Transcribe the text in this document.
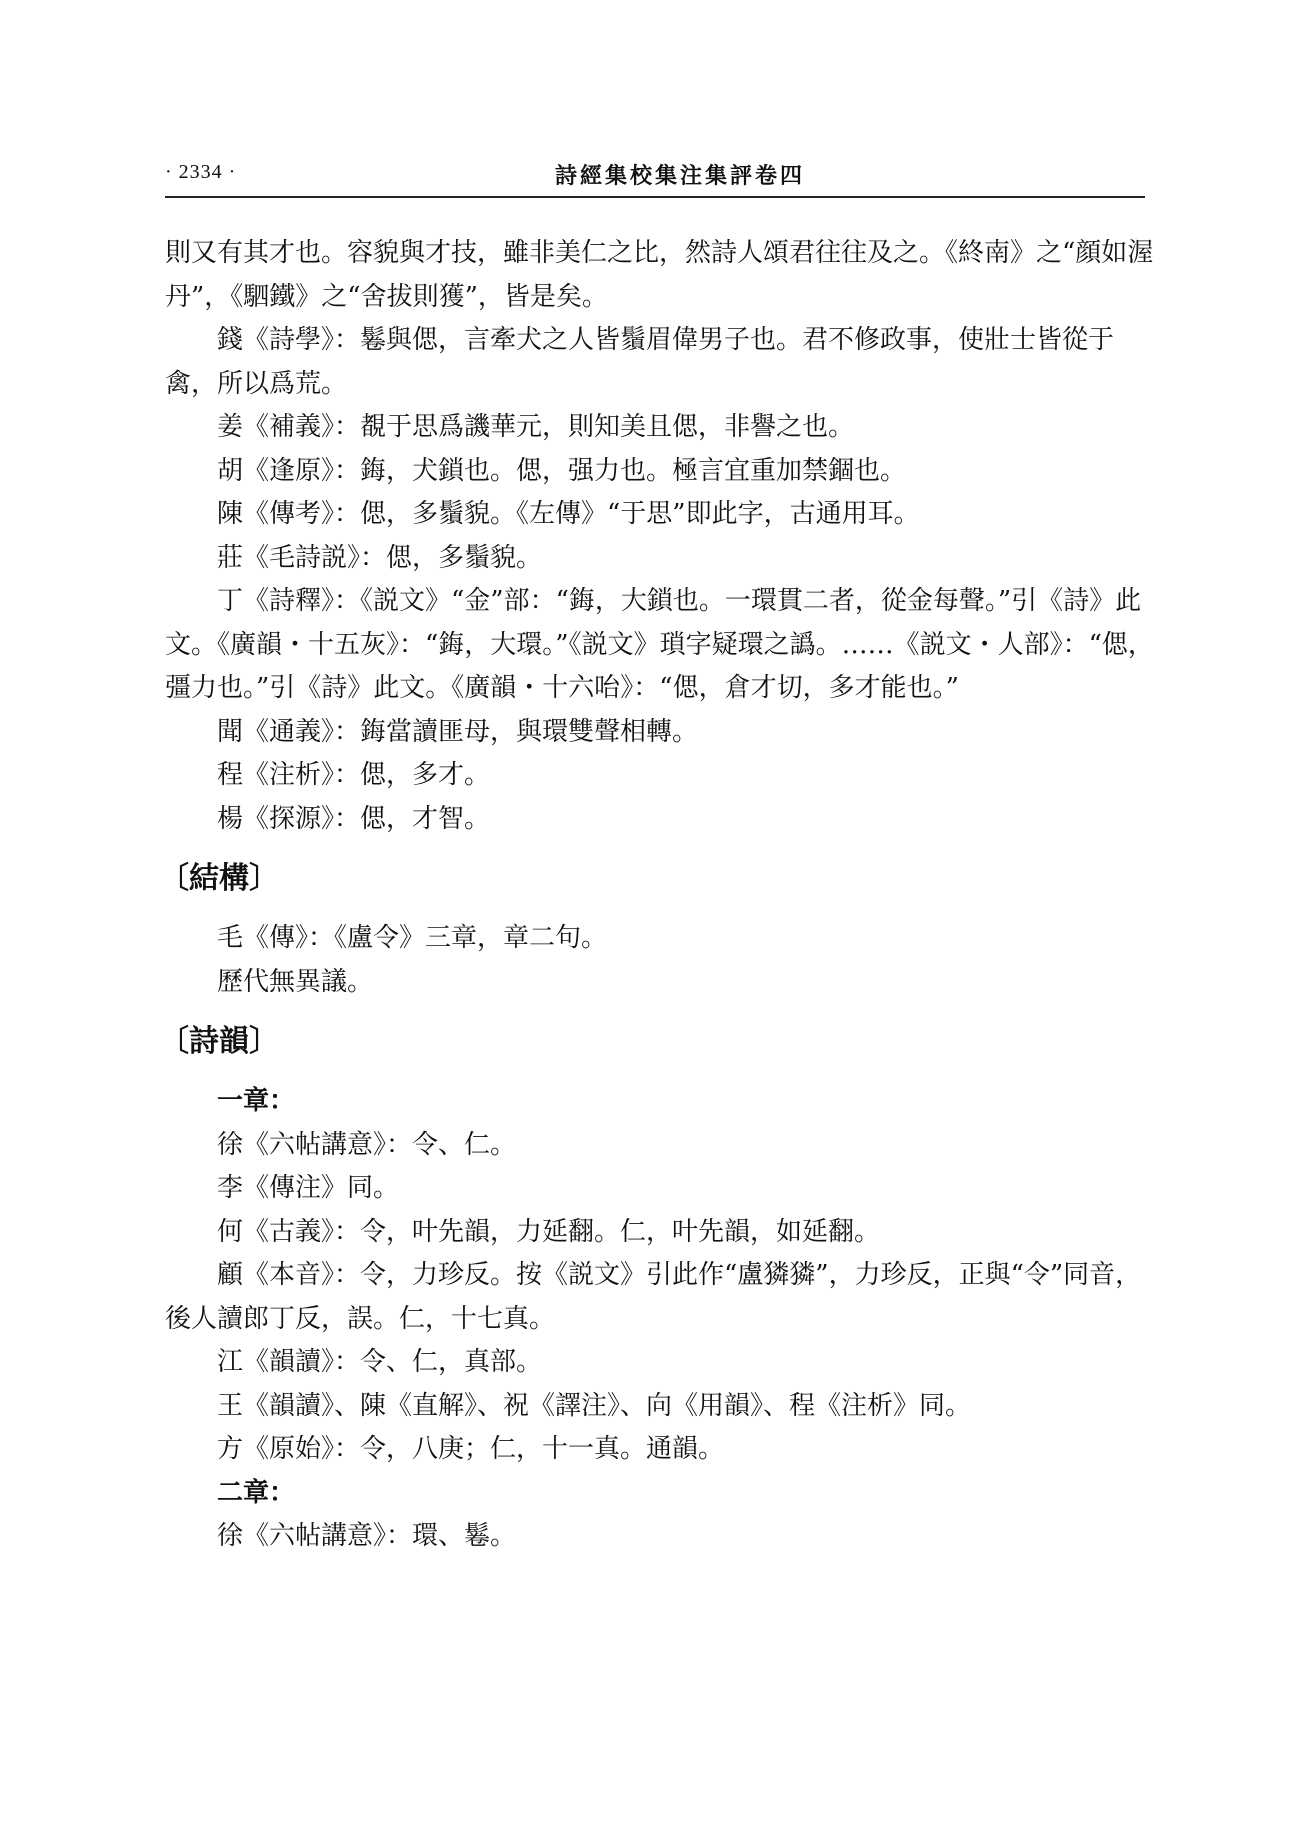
· 2334 ·	詩經集校集注集評卷四

則又有其才也。容貌與才技，雖非美仁之比，然詩人頌君往往及之。《終南》之“顔如渥丹”，《駟鐵》之“舍拔則獲”，皆是矣。

錢《詩學》：鬈與偲，言牽犬之人皆鬚眉偉男子也。君不修政事，使壯士皆從于禽，所以爲荒。

姜《補義》：覩于思爲譏華元，則知美且偲，非譽之也。

胡《逢原》：鋂，犬鎖也。偲，强力也。極言宜重加禁錮也。

陳《傳考》：偲，多鬚貌。《左傳》“于思”即此字，古通用耳。

莊《毛詩説》：偲，多鬚貌。

丁《詩釋》：《説文》“金”部：“鋂，大鎖也。一環貫二者，從金每聲。”引《詩》此文。《廣韻・十五灰》：“鋂，大環。”《説文》瑣字疑環之譌。……《説文・人部》：“偲，彊力也。”引《詩》此文。《廣韻・十六咍》：“偲，倉才切，多才能也。”

聞《通義》：鋂當讀匪母，與環雙聲相轉。

程《注析》：偲，多才。

楊《探源》：偲，才智。

〔結構〕

毛《傳》：《盧令》三章，章二句。

歷代無異議。

〔詩韻〕

一章：

徐《六帖講意》：令、仁。

李《傳注》同。

何《古義》：令，叶先韻，力延翻。仁，叶先韻，如延翻。

顧《本音》：令，力珍反。按《説文》引此作“盧獜獜”，力珍反，正與“令”同音，後人讀郎丁反，誤。仁，十七真。

江《韻讀》：令、仁，真部。

王《韻讀》、陳《直解》、祝《譯注》、向《用韻》、程《注析》同。

方《原始》：令，八庚；仁，十一真。通韻。

二章：

徐《六帖講意》：環、鬈。
